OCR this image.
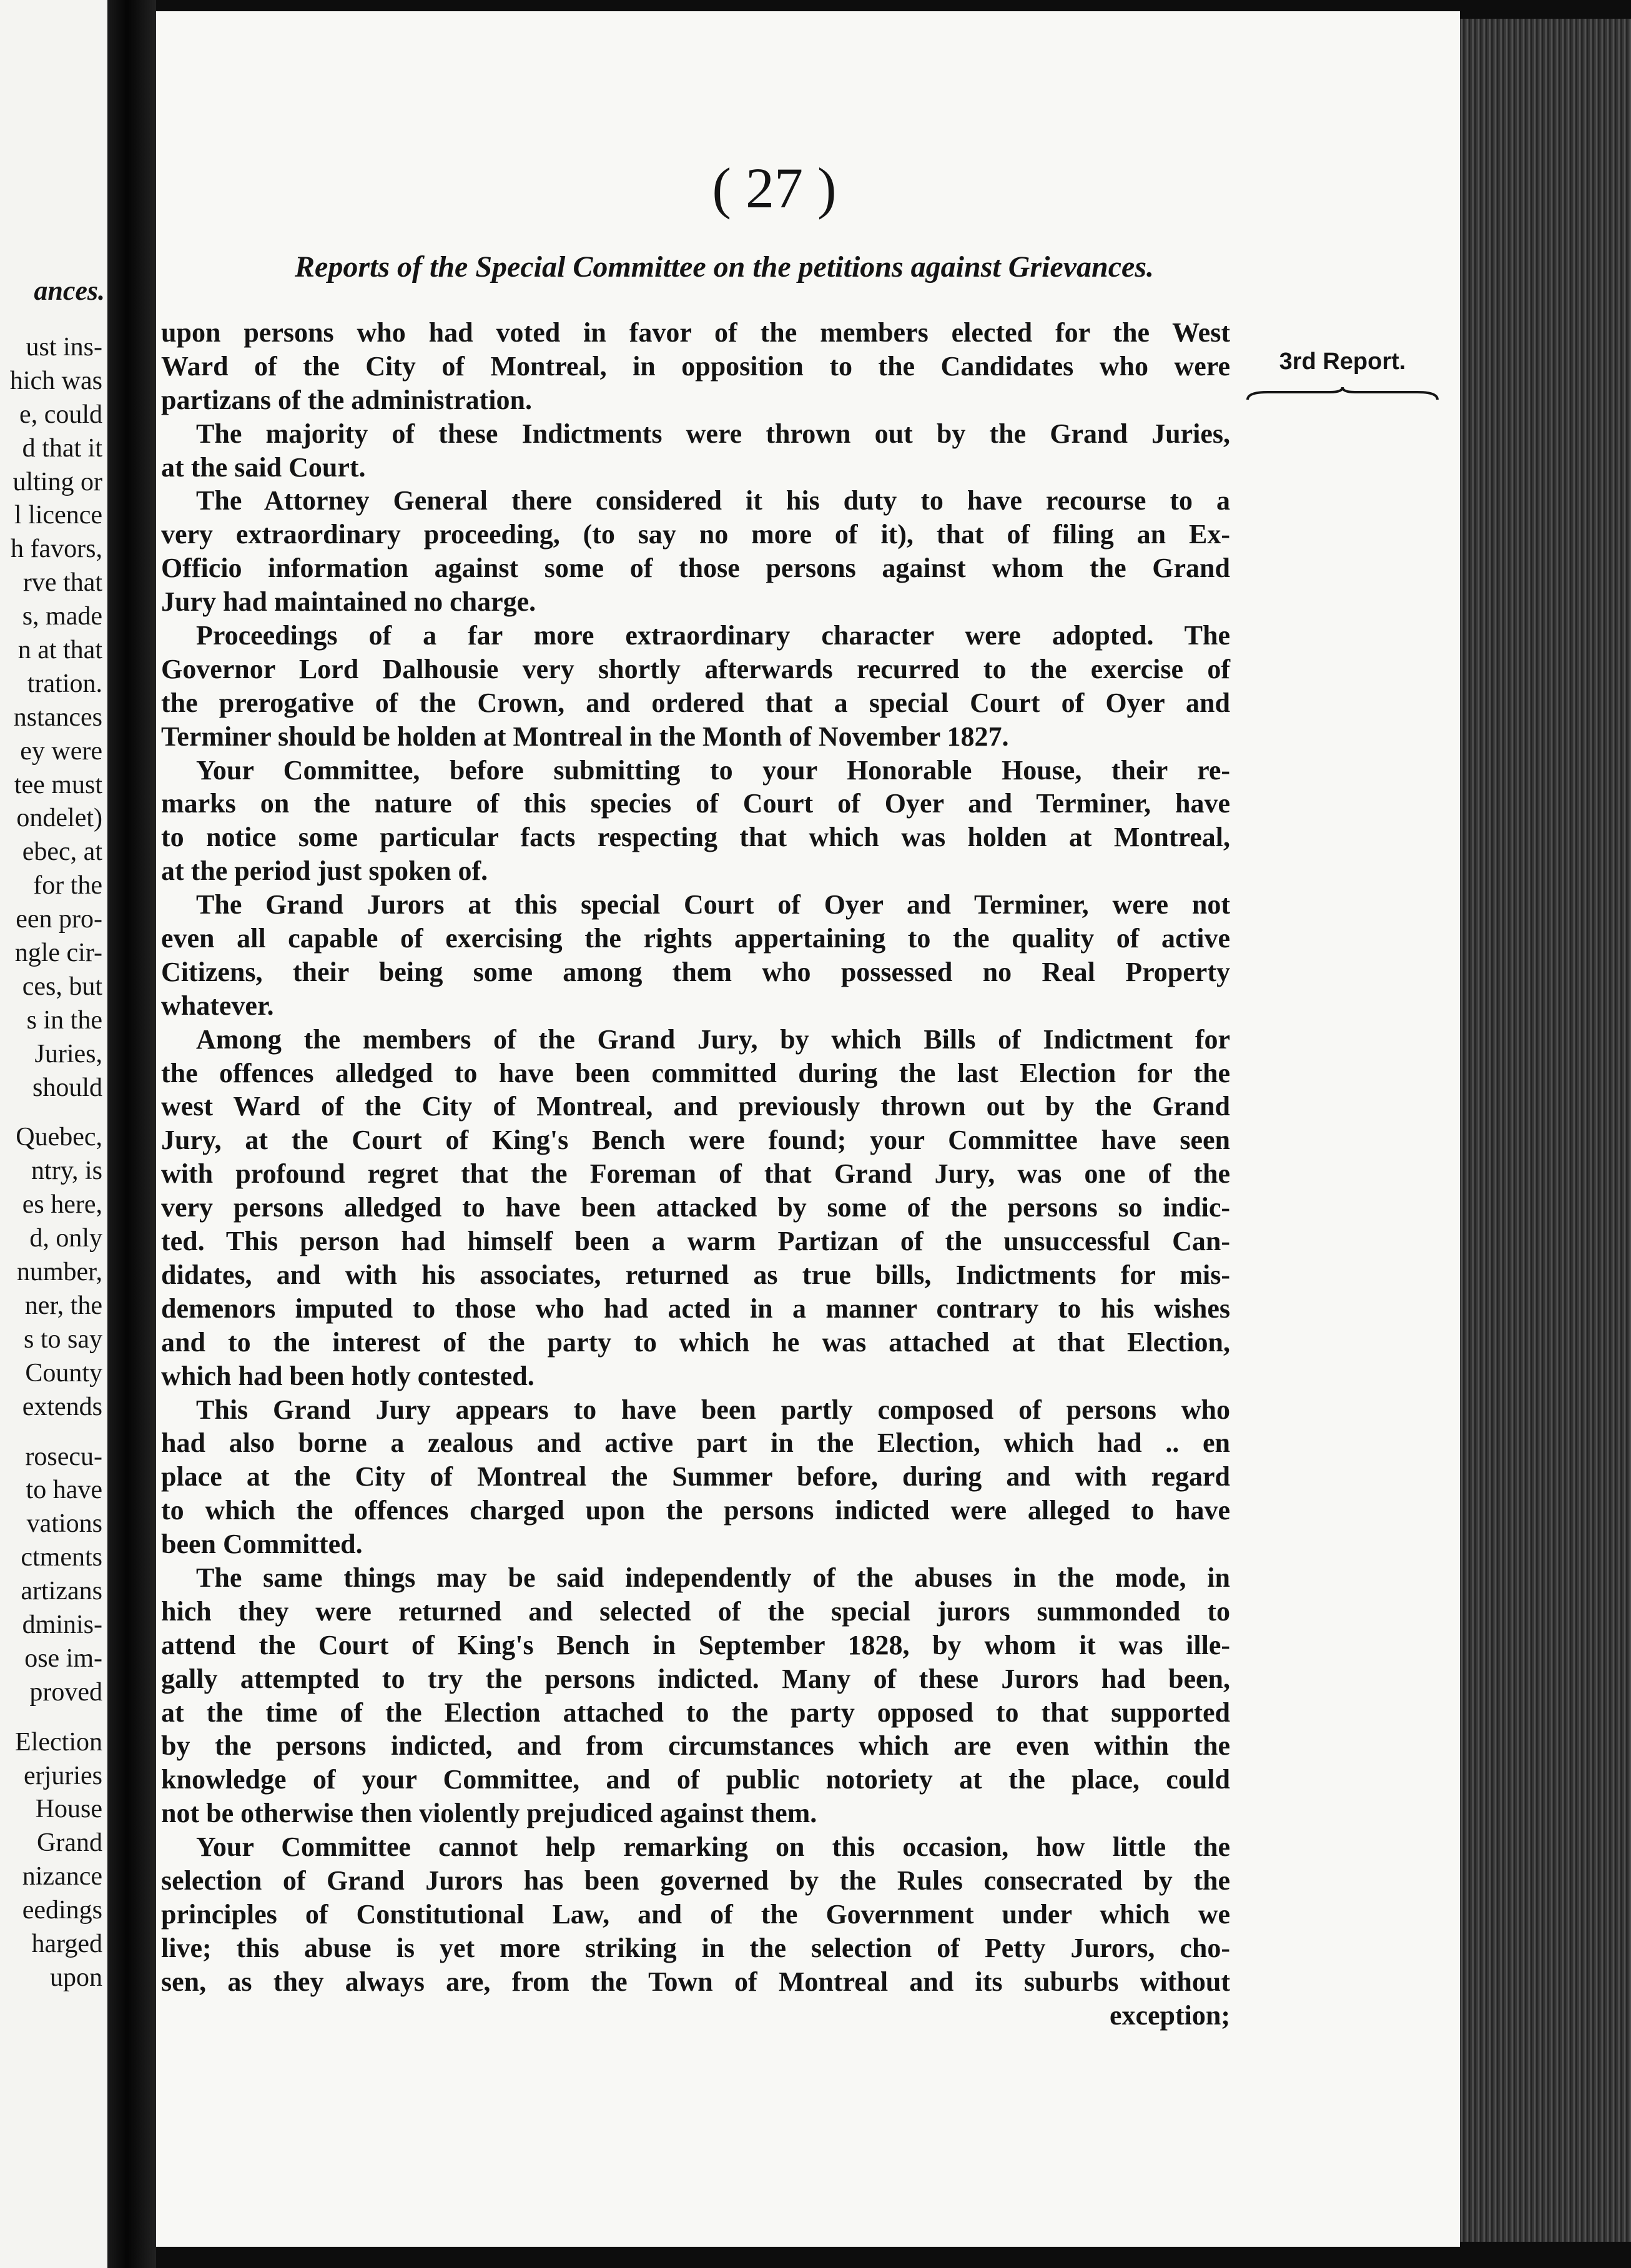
ances.
ust ins-
hich was
e, could
d that it
ulting or
l licence
h favors,
rve that
s, made
n at that
tration.
nstances
ey were
tee must
ondelet)
ebec, at
for the
een pro-
ngle cir-
ces, but
s in the
Juries,
should
Quebec,
ntry, is
es here,
d, only
number,
ner, the
s to say
County
extends
rosecu-
to have
vations
ctments
artizans
dminis-
ose im-
proved
Election
erjuries
House
Grand
nizance
eedings
harged
upon
( 27 )
Reports of the Special Committee on the petitions against Grievances.
upon persons who had voted in favor of the members elected for the West
Ward of the City of Montreal, in opposition to the Candidates who were
partizans of the administration.
The majority of these Indictments were thrown out by the Grand Juries,
at the said Court.
The Attorney General there considered it his duty to have recourse to a
very extraordinary proceeding, (to say no more of it), that of filing an Ex-
Officio information against some of those persons against whom the Grand
Jury had maintained no charge.
Proceedings of a far more extraordinary character were adopted. The
Governor Lord Dalhousie very shortly afterwards recurred to the exercise of
the prerogative of the Crown, and ordered that a special Court of Oyer and
Terminer should be holden at Montreal in the Month of November 1827.
Your Committee, before submitting to your Honorable House, their re-
marks on the nature of this species of Court of Oyer and Terminer, have
to notice some particular facts respecting that which was holden at Montreal,
at the period just spoken of.
The Grand Jurors at this special Court of Oyer and Terminer, were not
even all capable of exercising the rights appertaining to the quality of active
Citizens, their being some among them who possessed no Real Property
whatever.
Among the members of the Grand Jury, by which Bills of Indictment for
the offences alledged to have been committed during the last Election for the
west Ward of the City of Montreal, and previously thrown out by the Grand
Jury, at the Court of King's Bench were found; your Committee have seen
with profound regret that the Foreman of that Grand Jury, was one of the
very persons alledged to have been attacked by some of the persons so indic-
ted. This person had himself been a warm Partizan of the unsuccessful Can-
didates, and with his associates, returned as true bills, Indictments for mis-
demenors imputed to those who had acted in a manner contrary to his wishes
and to the interest of the party to which he was attached at that Election,
which had been hotly contested.
This Grand Jury appears to have been partly composed of persons who
had also borne a zealous and active part in the Election, which had .. en
place at the City of Montreal the Summer before, during and with regard
to which the offences charged upon the persons indicted were alleged to have
been Committed.
The same things may be said independently of the abuses in the mode, in
hich they were returned and selected of the special jurors summonded to
attend the Court of King's Bench in September 1828, by whom it was ille-
gally attempted to try the persons indicted. Many of these Jurors had been,
at the time of the Election attached to the party opposed to that supported
by the persons indicted, and from circumstances which are even within the
knowledge of your Committee, and of public notoriety at the place, could
not be otherwise then violently prejudiced against them.
Your Committee cannot help remarking on this occasion, how little the
selection of Grand Jurors has been governed by the Rules consecrated by the
principles of Constitutional Law, and of the Government under which we
live; this abuse is yet more striking in the selection of Petty Jurors, cho-
sen, as they always are, from the Town of Montreal and its suburbs without
exception;
3rd Report.
